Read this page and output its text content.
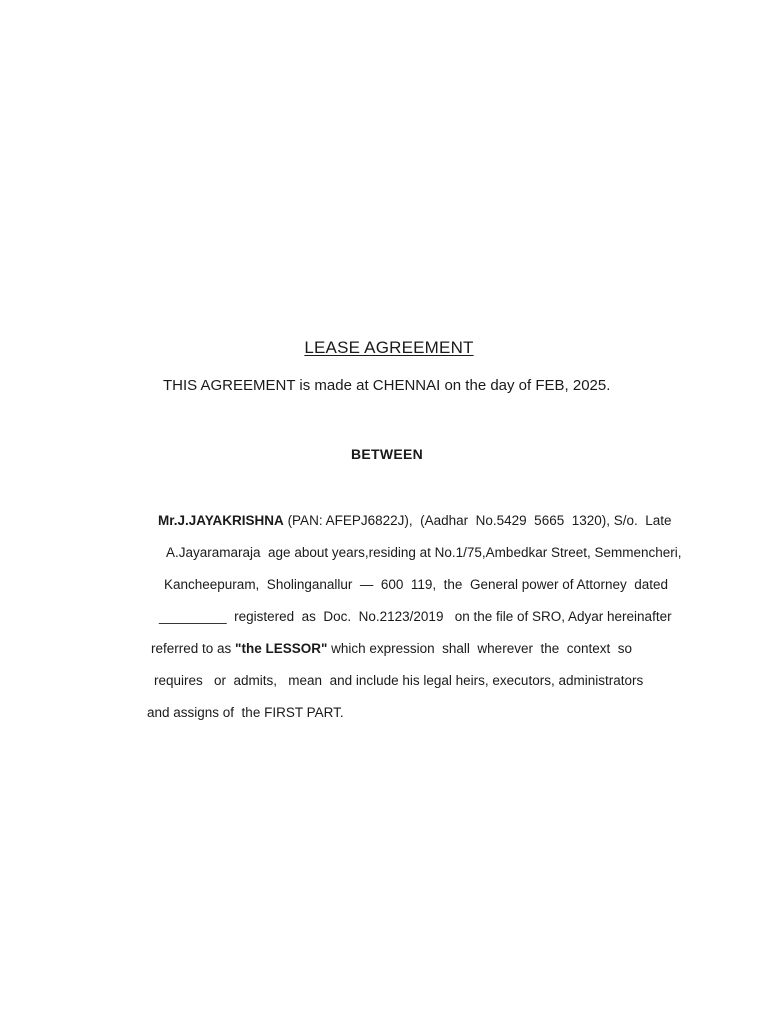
LEASE AGREEMENT
THIS AGREEMENT is made at CHENNAI on the day of FEB, 2025.
BETWEEN
Mr.J.JAYAKRISHNA (PAN: AFEPJ6822J),  (Aadhar  No.5429  5665  1320), S/o.  Late
A.Jayaramaraja  age about years,residing at No.1/75,Ambedkar Street, Semmencheri,
Kancheepuram,  Sholinganallur  —  600  119,  the  General power of Attorney  dated
_________  registered  as  Doc.  No.2123/2019   on the file of SRO, Adyar hereinafter
referred to as "the LESSOR" which expression  shall  wherever  the  context  so
requires   or  admits,   mean  and include his legal heirs, executors, administrators
and assigns of  the FIRST PART.
